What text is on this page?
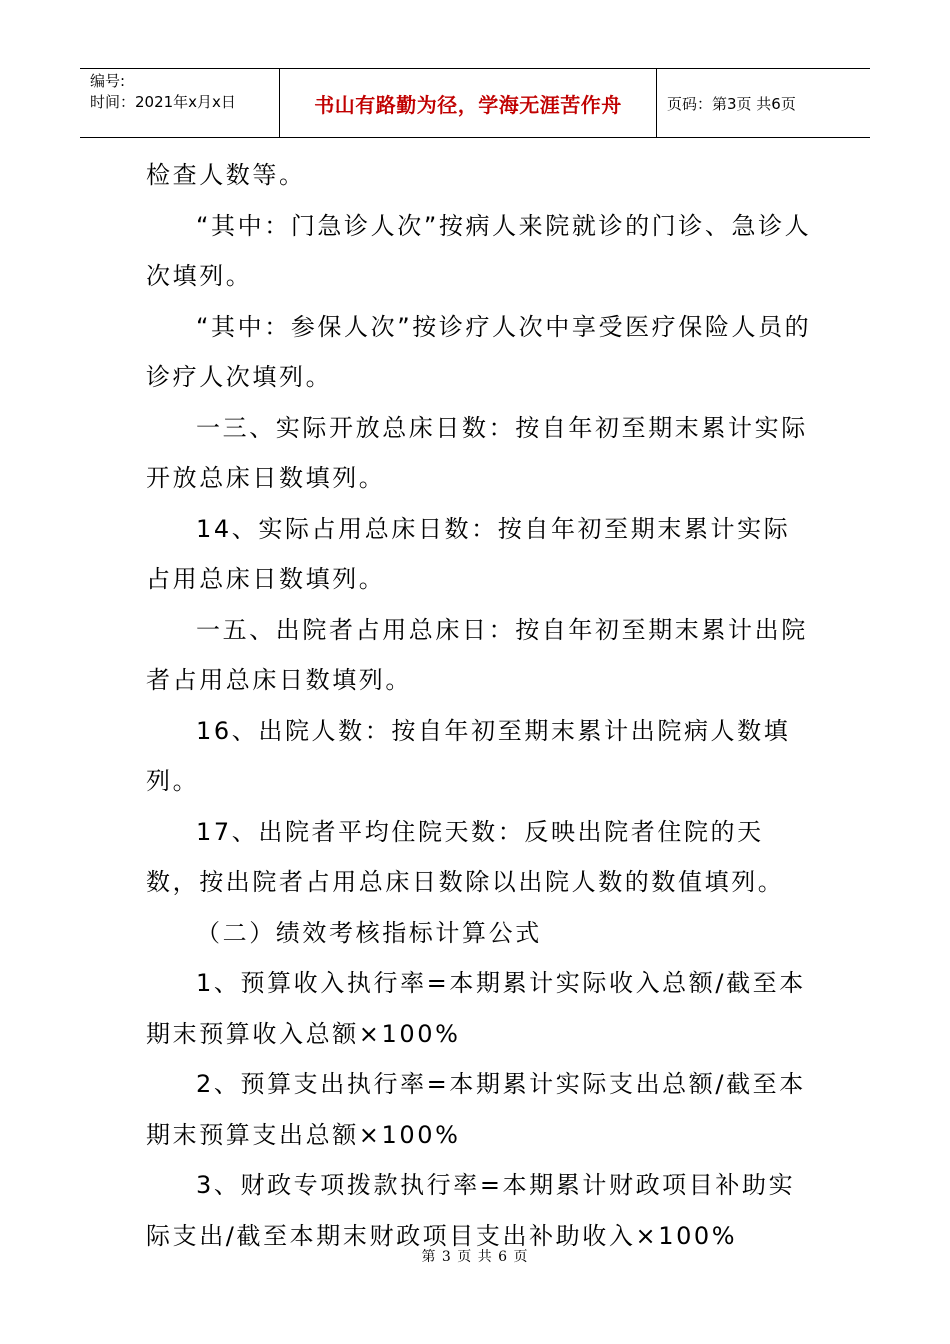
编号:
时间：2021年x月x日	书山有路勤为径，学海无涯苦作舟	页码：第3页 共6页

检查人数等。

“其中：门急诊人次”按病人来院就诊的门诊、急诊人次填列。

“其中：参保人次”按诊疗人次中享受医疗保险人员的诊疗人次填列。

一三、实际开放总床日数：按自年初至期末累计实际开放总床日数填列。

14、实际占用总床日数：按自年初至期末累计实际占用总床日数填列。

一五、出院者占用总床日：按自年初至期末累计出院者占用总床日数填列。

16、出院人数：按自年初至期末累计出院病人数填列。

17、出院者平均住院天数：反映出院者住院的天数，按出院者占用总床日数除以出院人数的数值填列。

（二）绩效考核指标计算公式

1、预算收入执行率=本期累计实际收入总额/截至本期末预算收入总额×100%

2、预算支出执行率=本期累计实际支出总额/截至本期末预算支出总额×100%

3、财政专项拨款执行率=本期累计财政项目补助实际支出/截至本期末财政项目支出补助收入×100%

第 3 页 共 6 页
